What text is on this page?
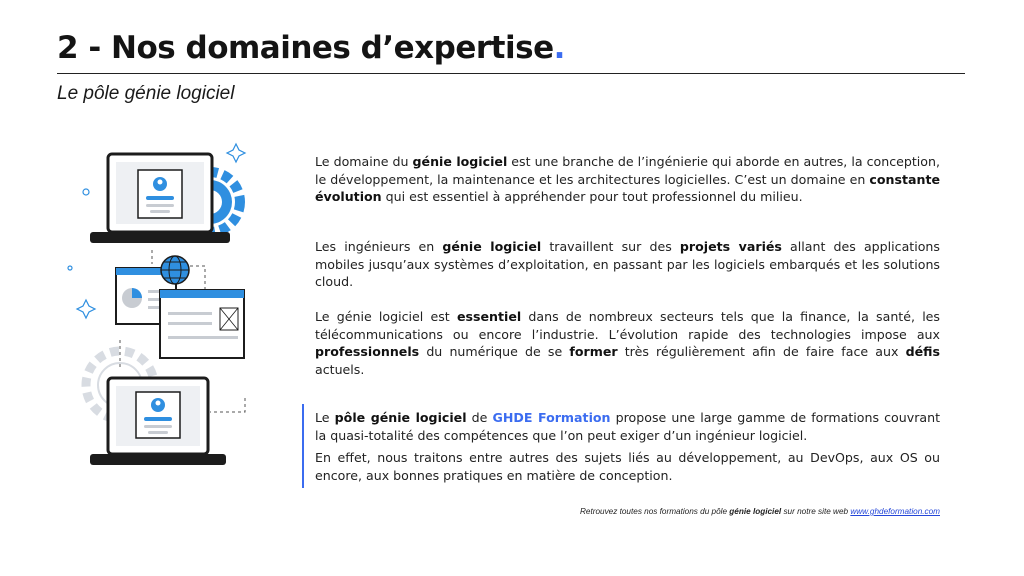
2 - Nos domaines d’expertise.
Le pôle génie logiciel
Le domaine du génie logiciel est une branche de l’ingénierie qui aborde en autres, la conception, le développement, la maintenance et les architectures logicielles. C’est un domaine en constante évolution qui est essentiel à appréhender pour tout professionnel du milieu.
Les ingénieurs en génie logiciel travaillent sur des projets variés allant des applications mobiles jusqu’aux systèmes d’exploitation, en passant par les logiciels embarqués et les solutions cloud.
Le génie logiciel est essentiel dans de nombreux secteurs tels que la finance, la santé, les télécommunications ou encore l’industrie. L’évolution rapide des technologies impose aux professionnels du numérique de se former très régulièrement afin de faire face aux défis actuels.
Le pôle génie logiciel de GHDE Formation propose une large gamme de formations couvrant la quasi-totalité des compétences que l’on peut exiger d’un ingénieur logiciel.
En effet, nous traitons entre autres des sujets liés au développement, au DevOps, aux OS ou encore, aux bonnes pratiques en matière de conception.
Retrouvez toutes nos formations du pôle génie logiciel sur notre site web www.ghdeformation.com
